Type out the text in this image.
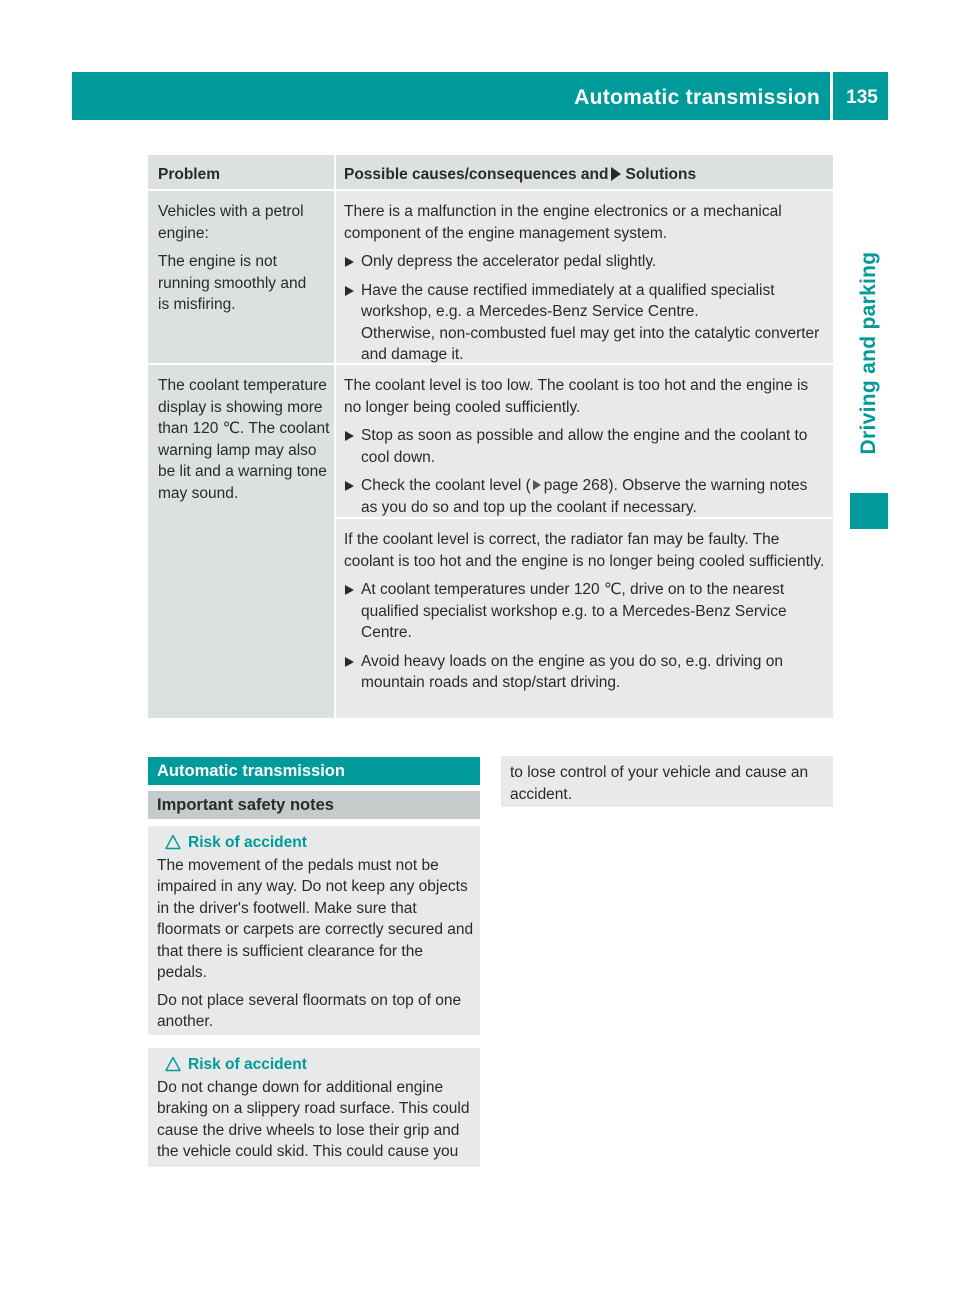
Automatic transmission	135
Driving and parking
Problem	Possible causes/consequences and Solutions
Vehicles with a petrol engine:
The engine is not running smoothly and is misfiring.
There is a malfunction in the engine electronics or a mechanical component of the engine management system.
Only depress the accelerator pedal slightly.
Have the cause rectified immediately at a qualified specialist workshop, e.g. a Mercedes-Benz Service Centre.
Otherwise, non-combusted fuel may get into the catalytic converter and damage it.
The coolant temperature display is showing more than 120 ℃. The coolant warning lamp may also be lit and a warning tone may sound.
The coolant level is too low. The coolant is too hot and the engine is no longer being cooled sufficiently.
Stop as soon as possible and allow the engine and the coolant to cool down.
Check the coolant level ( page 268). Observe the warning notes as you do so and top up the coolant if necessary.
If the coolant level is correct, the radiator fan may be faulty. The coolant is too hot and the engine is no longer being cooled sufficiently.
At coolant temperatures under 120 ℃, drive on to the nearest qualified specialist workshop e.g. to a Mercedes-Benz Service Centre.
Avoid heavy loads on the engine as you do so, e.g. driving on mountain roads and stop/start driving.
Automatic transmission
Important safety notes
Risk of accident
The movement of the pedals must not be impaired in any way. Do not keep any objects in the driver's footwell. Make sure that floormats or carpets are correctly secured and that there is sufficient clearance for the pedals.
Do not place several floormats on top of one another.
Risk of accident
Do not change down for additional engine braking on a slippery road surface. This could cause the drive wheels to lose their grip and the vehicle could skid. This could cause you
to lose control of your vehicle and cause an accident.
